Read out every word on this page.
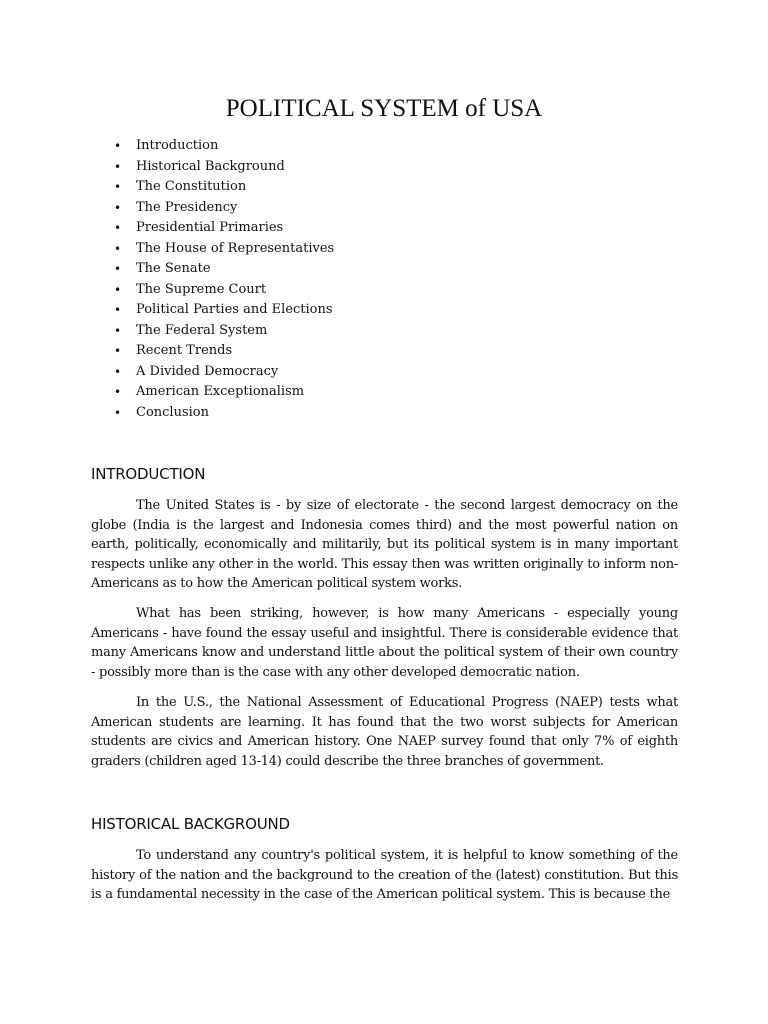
POLITICAL SYSTEM of USA
•	Introduction
•	Historical Background
•	The Constitution
•	The Presidency
•	Presidential Primaries
•	The House of Representatives
•	The Senate
•	The Supreme Court
•	Political Parties and Elections
•	The Federal System
•	Recent Trends
•	A Divided Democracy
•	American Exceptionalism
•	Conclusion
INTRODUCTION

The United States is - by size of electorate - the second largest democracy on the globe (India is the largest and Indonesia comes third) and the most powerful nation on earth, politically, economically and militarily, but its political system is in many important respects unlike any other in the world. This essay then was written originally to inform non-Americans as to how the American political system works.

What has been striking, however, is how many Americans - especially young Americans - have found the essay useful and insightful. There is considerable evidence that many Americans know and understand little about the political system of their own country - possibly more than is the case with any other developed democratic nation.

In the U.S., the National Assessment of Educational Progress (NAEP) tests what American students are learning. It has found that the two worst subjects for American students are civics and American history. One NAEP survey found that only 7% of eighth graders (children aged 13-14) could describe the three branches of government.

HISTORICAL BACKGROUND

To understand any country's political system, it is helpful to know something of the history of the nation and the background to the creation of the (latest) constitution. But this is a fundamental necessity in the case of the American political system. This is because the
